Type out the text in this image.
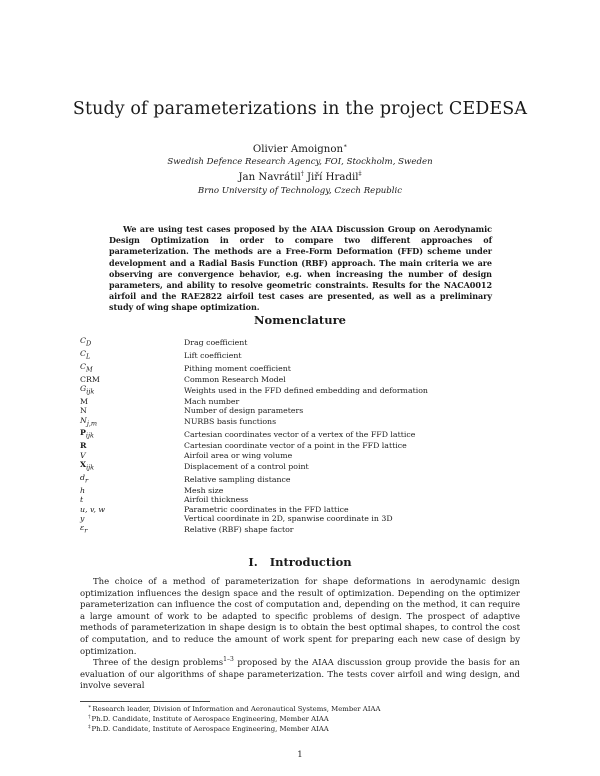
Study of parameterizations in the project CEDESA
Olivier Amoignon∗
Swedish Defence Research Agency, FOI, Stockholm, Sweden
Jan Navrátil† Jiří Hradil‡
Brno University of Technology, Czech Republic
We are using test cases proposed by the AIAA Discussion Group on Aerodynamic Design Optimization in order to compare two different approaches of parameterization. The methods are a Free-Form Deformation (FFD) scheme under development and a Radial Basis Function (RBF) approach. The main criteria we are observing are convergence behavior, e.g. when increasing the number of design parameters, and ability to resolve geometric constraints. Results for the NACA0012 airfoil and the RAE2822 airfoil test cases are presented, as well as a preliminary study of wing shape optimization.
Nomenclature
$C_D$	Drag coefficient
$C_L$	Lift coefficient
$C_M$	Pithing moment coefficient
CRM	Common Research Model
$G_{ijk}$	Weights used in the FFD defined embedding and deformation
M	Mach number
N	Number of design parameters
$N_{j,m}$	NURBS basis functions
$P_{ijk}$	Cartesian coordinates vector of a vertex of the FFD lattice
R	Cartesian coordinate vector of a point in the FFD lattice
V	Airfoil area or wing volume
$X_{ijk}$	Displacement of a control point
$d_r$	Relative sampling distance
h	Mesh size
t	Airfoil thickness
u, v, w	Parametric coordinates in the FFD lattice
y	Vertical coordinate in 2D, spanwise coordinate in 3D
$\varepsilon_r$	Relative (RBF) shape factor
I. Introduction

The choice of a method of parameterization for shape deformations in aerodynamic design optimization influences the design space and the result of optimization. Depending on the optimizer parameterization can influence the cost of computation and, depending on the method, it can require a large amount of work to be adapted to specific problems of design. The prospect of adaptive methods of parameterization in shape design is to obtain the best optimal shapes, to control the cost of computation, and to reduce the amount of work spent for preparing each new case of design by optimization.

Three of the design problems$^{1-3}$ proposed by the AIAA discussion group provide the basis for an evaluation of our algorithms of shape parameterization. The tests cover airfoil and wing design, and involve several

∗Research leader, Division of Information and Aeronautical Systems, Member AIAA
†Ph.D. Candidate, Institute of Aerospace Engineering, Member AIAA
‡Ph.D. Candidate, Institute of Aerospace Engineering, Member AIAA
1
